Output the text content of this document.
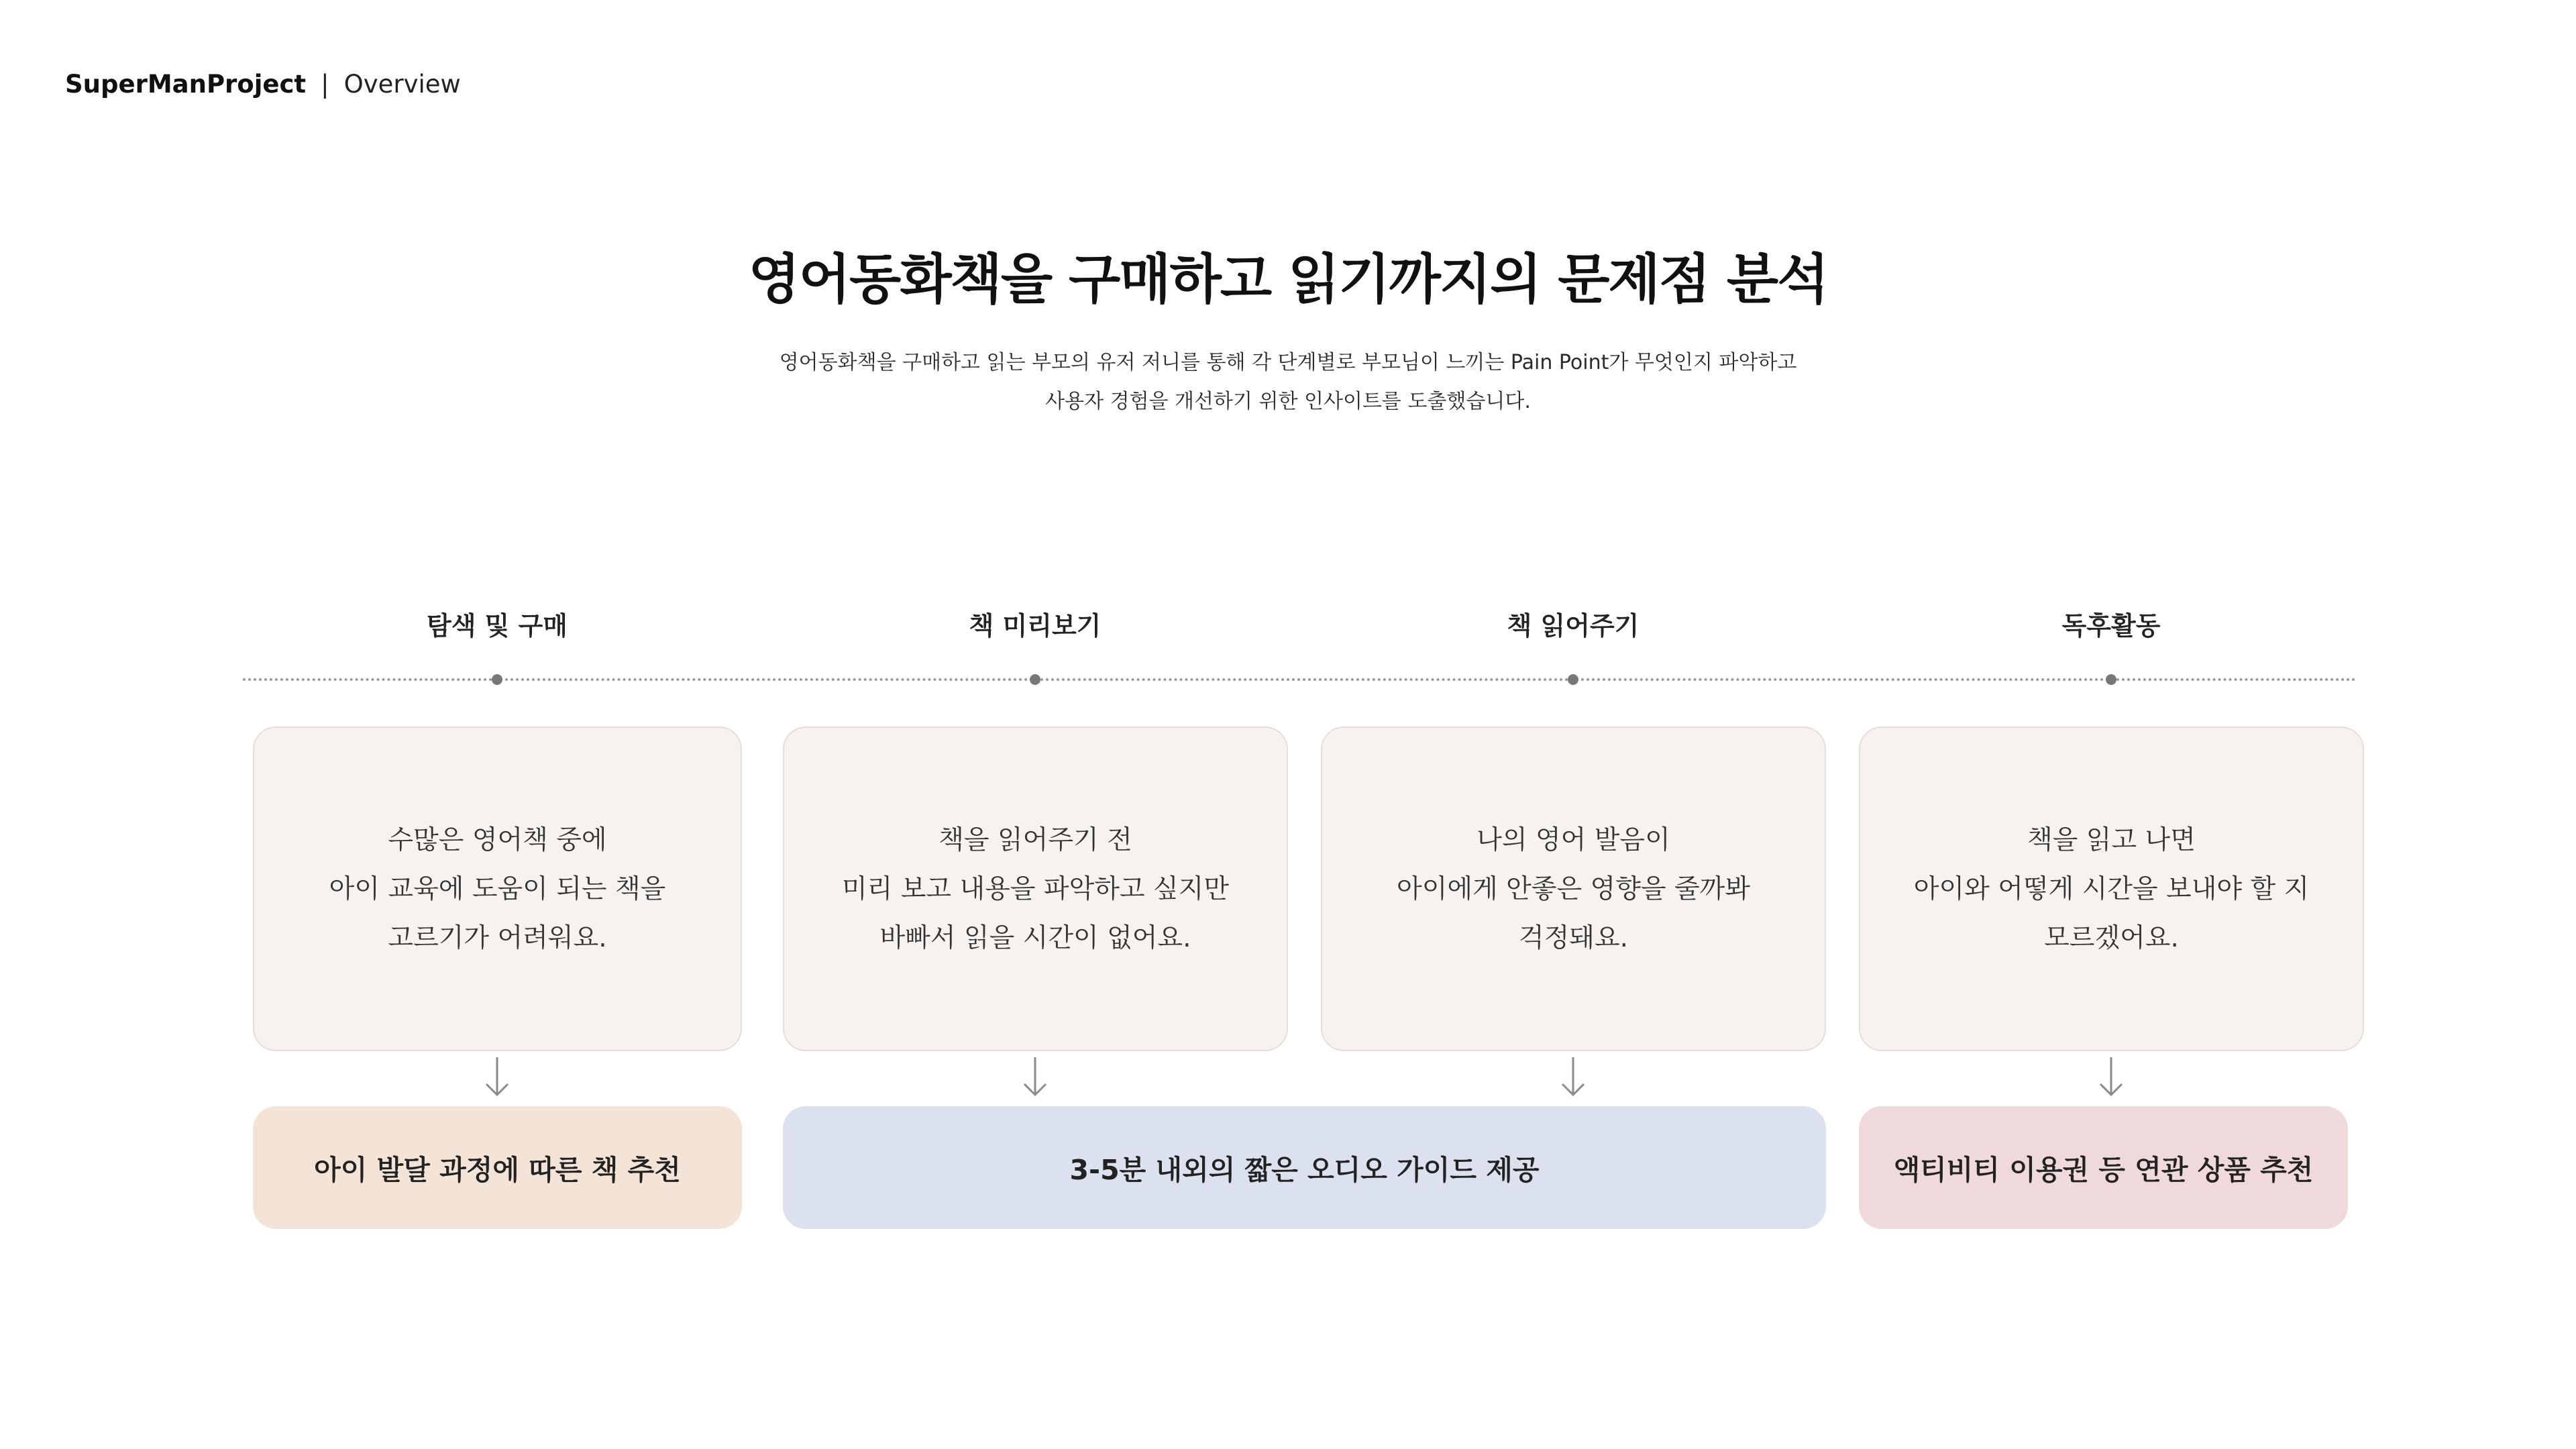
SuperManProject | Overview
영어동화책을 구매하고 읽기까지의 문제점 분석
영어동화책을 구매하고 읽는 부모의 유저 저니를 통해 각 단계별로 부모님이 느끼는 Pain Point가 무엇인지 파악하고
사용자 경험을 개선하기 위한 인사이트를 도출했습니다.
탐색 및 구매	책 미리보기	책 읽어주기	독후활동
수많은 영어책 중에
아이 교육에 도움이 되는 책을
고르기가 어려워요.
책을 읽어주기 전
미리 보고 내용을 파악하고 싶지만
바빠서 읽을 시간이 없어요.
나의 영어 발음이
아이에게 안좋은 영향을 줄까봐
걱정돼요.
책을 읽고 나면
아이와 어떻게 시간을 보내야 할 지
모르겠어요.
아이 발달 과정에 따른 책 추천	3-5분 내외의 짧은 오디오 가이드 제공	액티비티 이용권 등 연관 상품 추천
